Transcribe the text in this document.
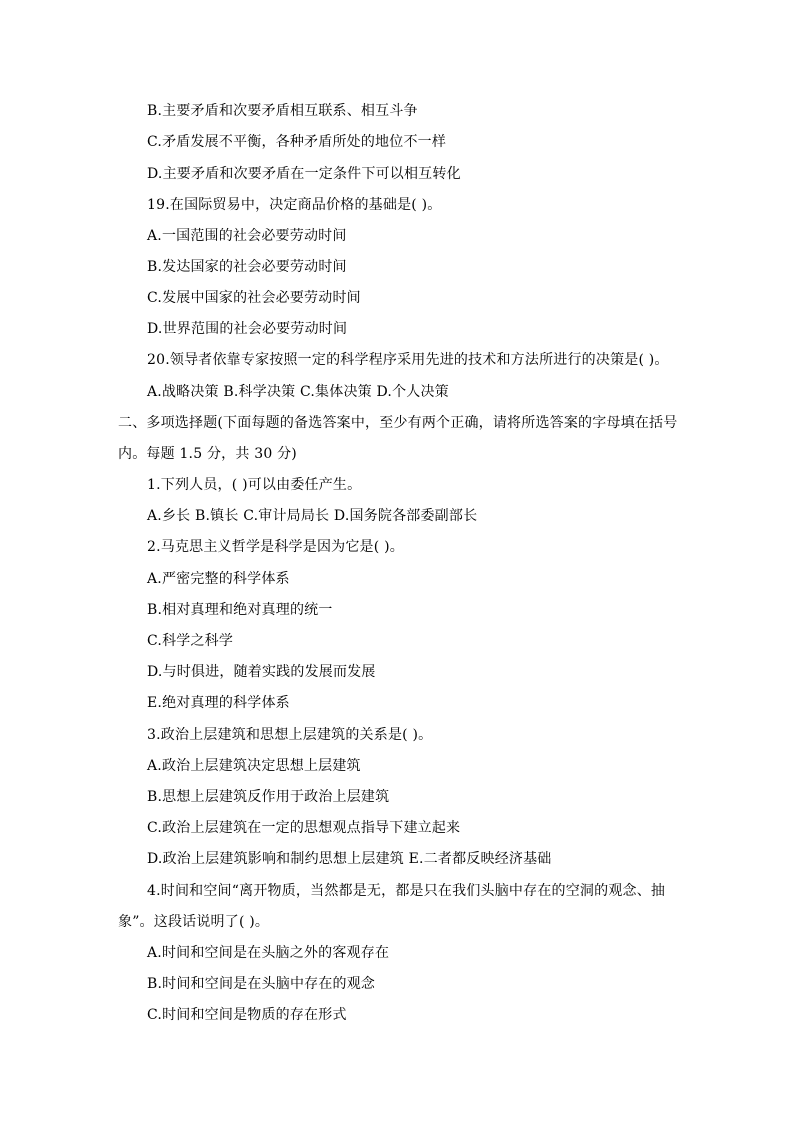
B.主要矛盾和次要矛盾相互联系、相互斗争
C.矛盾发展不平衡，各种矛盾所处的地位不一样
D.主要矛盾和次要矛盾在一定条件下可以相互转化
19.在国际贸易中，决定商品价格的基础是( )。
A.一国范围的社会必要劳动时间
B.发达国家的社会必要劳动时间
C.发展中国家的社会必要劳动时间
D.世界范围的社会必要劳动时间
20.领导者依靠专家按照一定的科学程序采用先进的技术和方法所进行的决策是( )。
A.战略决策 B.科学决策 C.集体决策 D.个人决策
二、多项选择题(下面每题的备选答案中，至少有两个正确，请将所选答案的字母填在括号
内。每题 1.5 分，共 30 分)
1.下列人员，( )可以由委任产生。
A.乡长 B.镇长 C.审计局局长 D.国务院各部委副部长
2.马克思主义哲学是科学是因为它是( )。
A.严密完整的科学体系
B.相对真理和绝对真理的统一
C.科学之科学
D.与时俱进，随着实践的发展而发展
E.绝对真理的科学体系
3.政治上层建筑和思想上层建筑的关系是( )。
A.政治上层建筑决定思想上层建筑
B.思想上层建筑反作用于政治上层建筑
C.政治上层建筑在一定的思想观点指导下建立起来
D.政治上层建筑影响和制约思想上层建筑 E.二者都反映经济基础
4.时间和空间“离开物质，当然都是无，都是只在我们头脑中存在的空洞的观念、抽
象”。这段话说明了( )。
A.时间和空间是在头脑之外的客观存在
B.时间和空间是在头脑中存在的观念
C.时间和空间是物质的存在形式
